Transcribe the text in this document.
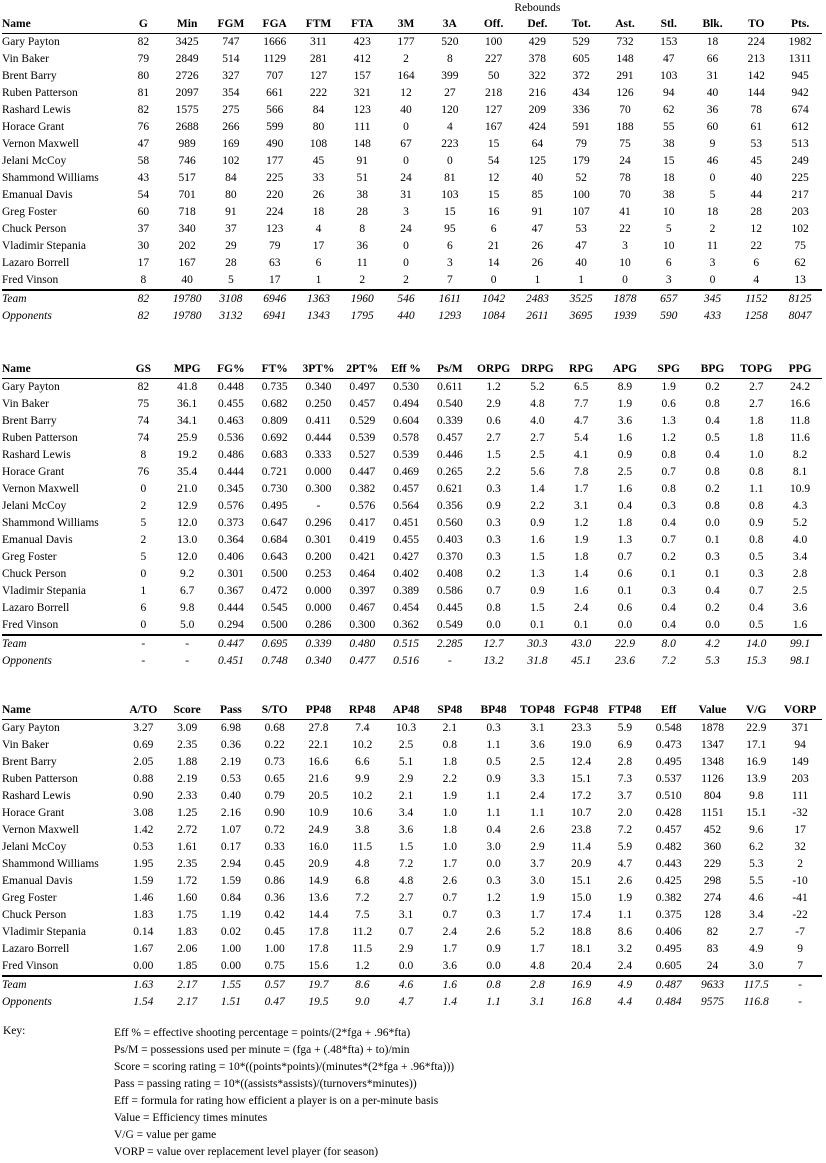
									Rebounds							
Name	G	Min	FGM	FGA	FTM	FTA	3M	3A	Off.	Def.	Tot.	Ast.	Stl.	Blk.	TO	Pts.
Gary Payton	82	3425	747	1666	311	423	177	520	100	429	529	732	153	18	224	1982
Vin Baker	79	2849	514	1129	281	412	2	8	227	378	605	148	47	66	213	1311
Brent Barry	80	2726	327	707	127	157	164	399	50	322	372	291	103	31	142	945
Ruben Patterson	81	2097	354	661	222	321	12	27	218	216	434	126	94	40	144	942
Rashard Lewis	82	1575	275	566	84	123	40	120	127	209	336	70	62	36	78	674
Horace Grant	76	2688	266	599	80	111	0	4	167	424	591	188	55	60	61	612
Vernon Maxwell	47	989	169	490	108	148	67	223	15	64	79	75	38	9	53	513
Jelani McCoy	58	746	102	177	45	91	0	0	54	125	179	24	15	46	45	249
Shammond Williams	43	517	84	225	33	51	24	81	12	40	52	78	18	0	40	225
Emanual Davis	54	701	80	220	26	38	31	103	15	85	100	70	38	5	44	217
Greg Foster	60	718	91	224	18	28	3	15	16	91	107	41	10	18	28	203
Chuck Person	37	340	37	123	4	8	24	95	6	47	53	22	5	2	12	102
Vladimir Stepania	30	202	29	79	17	36	0	6	21	26	47	3	10	11	22	75
Lazaro Borrell	17	167	28	63	6	11	0	3	14	26	40	10	6	3	6	62
Fred Vinson	8	40	5	17	1	2	2	7	0	1	1	0	3	0	4	13
Team	82	19780	3108	6946	1363	1960	546	1611	1042	2483	3525	1878	657	345	1152	8125
Opponents	82	19780	3132	6941	1343	1795	440	1293	1084	2611	3695	1939	590	433	1258	8047
Name	GS	MPG	FG%	FT%	3PT%	2PT%	Eff %	Ps/M	ORPG	DRPG	RPG	APG	SPG	BPG	TOPG	PPG
Gary Payton	82	41.8	0.448	0.735	0.340	0.497	0.530	0.611	1.2	5.2	6.5	8.9	1.9	0.2	2.7	24.2
Vin Baker	75	36.1	0.455	0.682	0.250	0.457	0.494	0.540	2.9	4.8	7.7	1.9	0.6	0.8	2.7	16.6
Brent Barry	74	34.1	0.463	0.809	0.411	0.529	0.604	0.339	0.6	4.0	4.7	3.6	1.3	0.4	1.8	11.8
Ruben Patterson	74	25.9	0.536	0.692	0.444	0.539	0.578	0.457	2.7	2.7	5.4	1.6	1.2	0.5	1.8	11.6
Rashard Lewis	8	19.2	0.486	0.683	0.333	0.527	0.539	0.446	1.5	2.5	4.1	0.9	0.8	0.4	1.0	8.2
Horace Grant	76	35.4	0.444	0.721	0.000	0.447	0.469	0.265	2.2	5.6	7.8	2.5	0.7	0.8	0.8	8.1
Vernon Maxwell	0	21.0	0.345	0.730	0.300	0.382	0.457	0.621	0.3	1.4	1.7	1.6	0.8	0.2	1.1	10.9
Jelani McCoy	2	12.9	0.576	0.495	-	0.576	0.564	0.356	0.9	2.2	3.1	0.4	0.3	0.8	0.8	4.3
Shammond Williams	5	12.0	0.373	0.647	0.296	0.417	0.451	0.560	0.3	0.9	1.2	1.8	0.4	0.0	0.9	5.2
Emanual Davis	2	13.0	0.364	0.684	0.301	0.419	0.455	0.403	0.3	1.6	1.9	1.3	0.7	0.1	0.8	4.0
Greg Foster	5	12.0	0.406	0.643	0.200	0.421	0.427	0.370	0.3	1.5	1.8	0.7	0.2	0.3	0.5	3.4
Chuck Person	0	9.2	0.301	0.500	0.253	0.464	0.402	0.408	0.2	1.3	1.4	0.6	0.1	0.1	0.3	2.8
Vladimir Stepania	1	6.7	0.367	0.472	0.000	0.397	0.389	0.586	0.7	0.9	1.6	0.1	0.3	0.4	0.7	2.5
Lazaro Borrell	6	9.8	0.444	0.545	0.000	0.467	0.454	0.445	0.8	1.5	2.4	0.6	0.4	0.2	0.4	3.6
Fred Vinson	0	5.0	0.294	0.500	0.286	0.300	0.362	0.549	0.0	0.1	0.1	0.0	0.4	0.0	0.5	1.6
Team	-	-	0.447	0.695	0.339	0.480	0.515	2.285	12.7	30.3	43.0	22.9	8.0	4.2	14.0	99.1
Opponents	-	-	0.451	0.748	0.340	0.477	0.516	-	13.2	31.8	45.1	23.6	7.2	5.3	15.3	98.1
Name	A/TO	Score	Pass	S/TO	PP48	RP48	AP48	SP48	BP48	TOP48	FGP48	FTP48	Eff	Value	V/G	VORP
Gary Payton	3.27	3.09	6.98	0.68	27.8	7.4	10.3	2.1	0.3	3.1	23.3	5.9	0.548	1878	22.9	371
Vin Baker	0.69	2.35	0.36	0.22	22.1	10.2	2.5	0.8	1.1	3.6	19.0	6.9	0.473	1347	17.1	94
Brent Barry	2.05	1.88	2.19	0.73	16.6	6.6	5.1	1.8	0.5	2.5	12.4	2.8	0.495	1348	16.9	149
Ruben Patterson	0.88	2.19	0.53	0.65	21.6	9.9	2.9	2.2	0.9	3.3	15.1	7.3	0.537	1126	13.9	203
Rashard Lewis	0.90	2.33	0.40	0.79	20.5	10.2	2.1	1.9	1.1	2.4	17.2	3.7	0.510	804	9.8	111
Horace Grant	3.08	1.25	2.16	0.90	10.9	10.6	3.4	1.0	1.1	1.1	10.7	2.0	0.428	1151	15.1	-32
Vernon Maxwell	1.42	2.72	1.07	0.72	24.9	3.8	3.6	1.8	0.4	2.6	23.8	7.2	0.457	452	9.6	17
Jelani McCoy	0.53	1.61	0.17	0.33	16.0	11.5	1.5	1.0	3.0	2.9	11.4	5.9	0.482	360	6.2	32
Shammond Williams	1.95	2.35	2.94	0.45	20.9	4.8	7.2	1.7	0.0	3.7	20.9	4.7	0.443	229	5.3	2
Emanual Davis	1.59	1.72	1.59	0.86	14.9	6.8	4.8	2.6	0.3	3.0	15.1	2.6	0.425	298	5.5	-10
Greg Foster	1.46	1.60	0.84	0.36	13.6	7.2	2.7	0.7	1.2	1.9	15.0	1.9	0.382	274	4.6	-41
Chuck Person	1.83	1.75	1.19	0.42	14.4	7.5	3.1	0.7	0.3	1.7	17.4	1.1	0.375	128	3.4	-22
Vladimir Stepania	0.14	1.83	0.02	0.45	17.8	11.2	0.7	2.4	2.6	5.2	18.8	8.6	0.406	82	2.7	-7
Lazaro Borrell	1.67	2.06	1.00	1.00	17.8	11.5	2.9	1.7	0.9	1.7	18.1	3.2	0.495	83	4.9	9
Fred Vinson	0.00	1.85	0.00	0.75	15.6	1.2	0.0	3.6	0.0	4.8	20.4	2.4	0.605	24	3.0	7
Team	1.63	2.17	1.55	0.57	19.7	8.6	4.6	1.6	0.8	2.8	16.9	4.9	0.487	9633	117.5	-
Opponents	1.54	2.17	1.51	0.47	19.5	9.0	4.7	1.4	1.1	3.1	16.8	4.4	0.484	9575	116.8	-
Key:	Eff % = effective shooting percentage = points/(2*fga + .96*fta)
Ps/M = possessions used per minute = (fga + (.48*fta) + to)/min
Score = scoring rating = 10*((points*points)/(minutes*(2*fga + .96*fta)))
Pass = passing rating = 10*((assists*assists)/(turnovers*minutes))
Eff = formula for rating how efficient a player is on a per-minute basis
Value = Efficiency times minutes
V/G = value per game
VORP = value over replacement level player (for season)
